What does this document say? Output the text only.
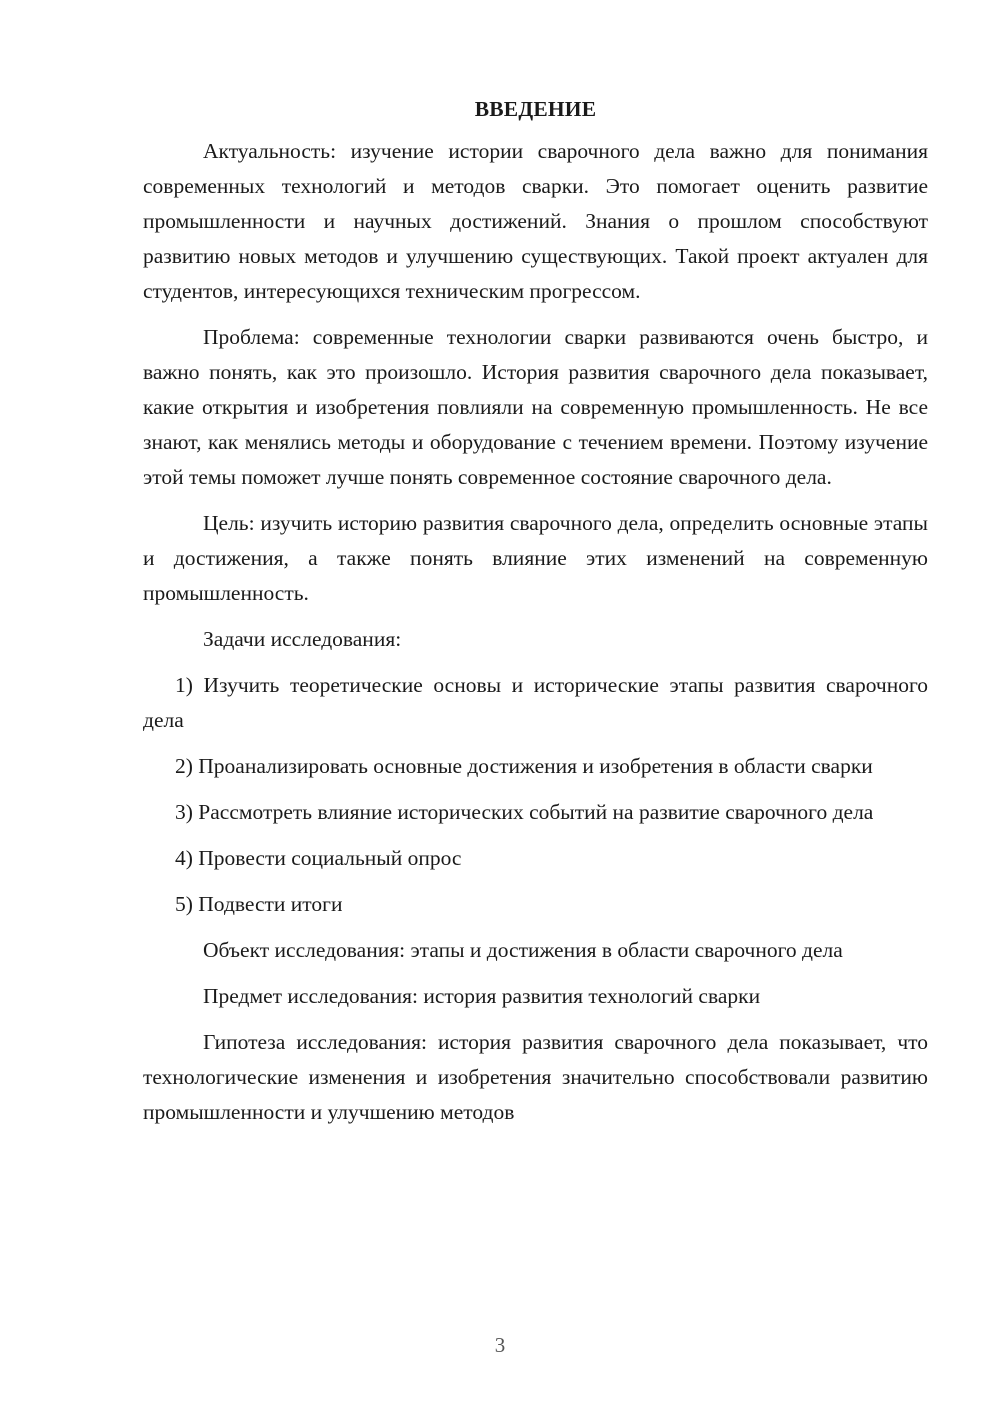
ВВЕДЕНИЕ

Актуальность: изучение истории сварочного дела важно для понимания современных технологий и методов сварки. Это помогает оценить развитие промышленности и научных достижений. Знания о прошлом способствуют развитию новых методов и улучшению существующих. Такой проект актуален для студентов, интересующихся техническим прогрессом.

Проблема: современные технологии сварки развиваются очень быстро, и важно понять, как это произошло. История развития сварочного дела показывает, какие открытия и изобретения повлияли на современную промышленность. Не все знают, как менялись методы и оборудование с течением времени. Поэтому изучение этой темы поможет лучше понять современное состояние сварочного дела.

Цель: изучить историю развития сварочного дела, определить основные этапы и достижения, а также понять влияние этих изменений на современную промышленность.

Задачи исследования:

1) Изучить теоретические основы и исторические этапы развития сварочного дела

2) Проанализировать основные достижения и изобретения в области сварки

3) Рассмотреть влияние исторических событий на развитие сварочного дела

4) Провести социальный опрос

5) Подвести итоги

Объект исследования: этапы и достижения в области сварочного дела

Предмет исследования: история развития технологий сварки

Гипотеза исследования: история развития сварочного дела показывает, что технологические изменения и изобретения значительно способствовали развитию промышленности и улучшению методов

3
